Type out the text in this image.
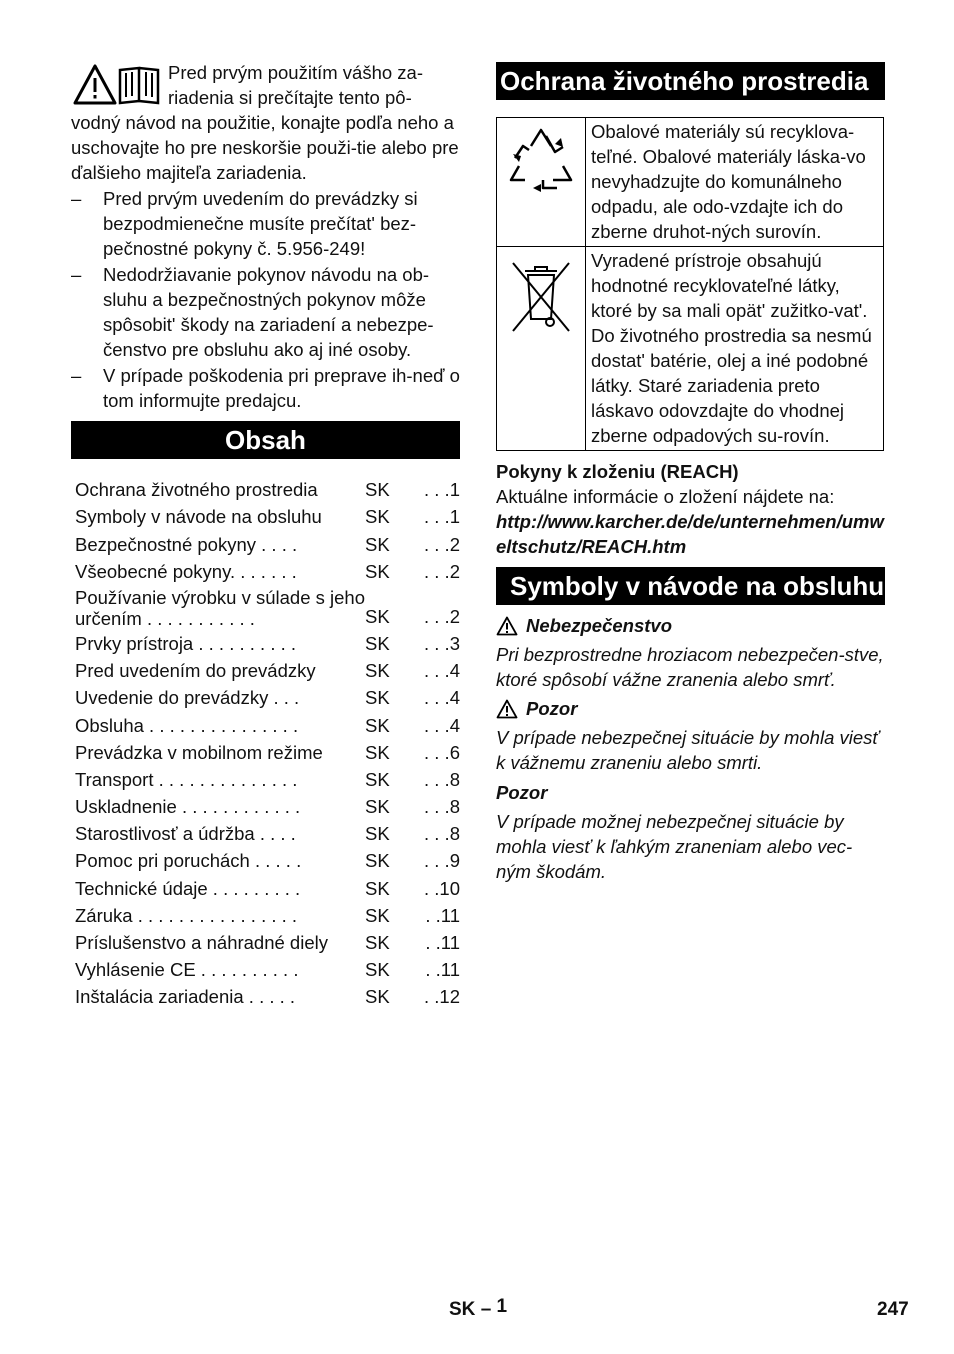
Pred prvým použitím vášho za-
riadenia si prečítajte tento pô-
vodný návod na použitie, konajte podľa neho a uschovajte ho pre neskoršie použi-tie alebo pre ďalšieho majiteľa zariadenia.

– Pred prvým uvedením do prevádzky si bezpodmienečne musíte prečítat' bez-pečnostné pokyny č. 5.956-249!
– Nedodržiavanie pokynov návodu na ob-sluhu a bezpečnostných pokynov môže spôsobit' škody na zariadení a nebezpe-čenstvo pre obsluhu ako aj iné osoby.
– V prípade poškodenia pri preprave ih-neď o tom informujte predajcu.
Obsah
Ochrana životného prostredia	SK	. . .1
Symboly v návode na obsluhu	SK	. . .1
Bezpečnostné pokyny . . . .	SK	. . .2
Všeobecné pokyny. . . . . . .	SK	. . .2
Používanie výrobku v súlade s jeho určením . . . . . . . . . . .	SK	. . .2
Prvky prístroja . . . . . . . . . .	SK	. . .3
Pred uvedením do prevádzky	SK	. . .4
Uvedenie do prevádzky . . .	SK	. . .4
Obsluha . . . . . . . . . . . . . . .	SK	. . .4
Prevádzka v mobilnom režime	SK	. . .6
Transport . . . . . . . . . . . . . .	SK	. . .8
Uskladnenie . . . . . . . . . . . .	SK	. . .8
Starostlivosť a údržba . . . .	SK	. . .8
Pomoc pri poruchách . . . . .	SK	. . .9
Technické údaje . . . . . . . . .	SK	. .10
Záruka . . . . . . . . . . . . . . . .	SK	. .11
Príslušenstvo a náhradné diely	SK	. .11
Vyhlásenie CE . . . . . . . . . .	SK	. .11
Inštalácia zariadenia . . . . .	SK	. .12
Ochrana životného prostredia
	Obalové materiály sú recyklova-teľné. Obalové materiály láska-vo nevyhadzujte do komunálneho odpadu, ale odo-vzdajte ich do zberne druhot-ných surovín.
	Vyradené prístroje obsahujú hodnotné recyklovateľné látky, ktoré by sa mali opät' zužitko-vat'. Do životného prostredia sa nesmú dostat' batérie, olej a iné podobné látky. Staré zariadenia preto láskavo odovzdajte do vhodnej zberne odpadových su-rovín.
Pokyny k zloženiu (REACH)
Aktuálne informácie o zložení nájdete na:
http://www.karcher.de/de/unternehmen/umweltschutz/REACH.htm
Symboly v návode na obsluhu
Nebezpečenstvo
Pri bezprostredne hroziacom nebezpečen-stve, ktoré spôsobí vážne zranenia alebo smrť.
Pozor
V prípade nebezpečnej situácie by mohla viesť k vážnemu zraneniu alebo smrti.
Pozor
V prípade možnej nebezpečnej situácie by mohla viesť k ľahkým zraneniam alebo vec-ným škodám.
SK – 1	247
